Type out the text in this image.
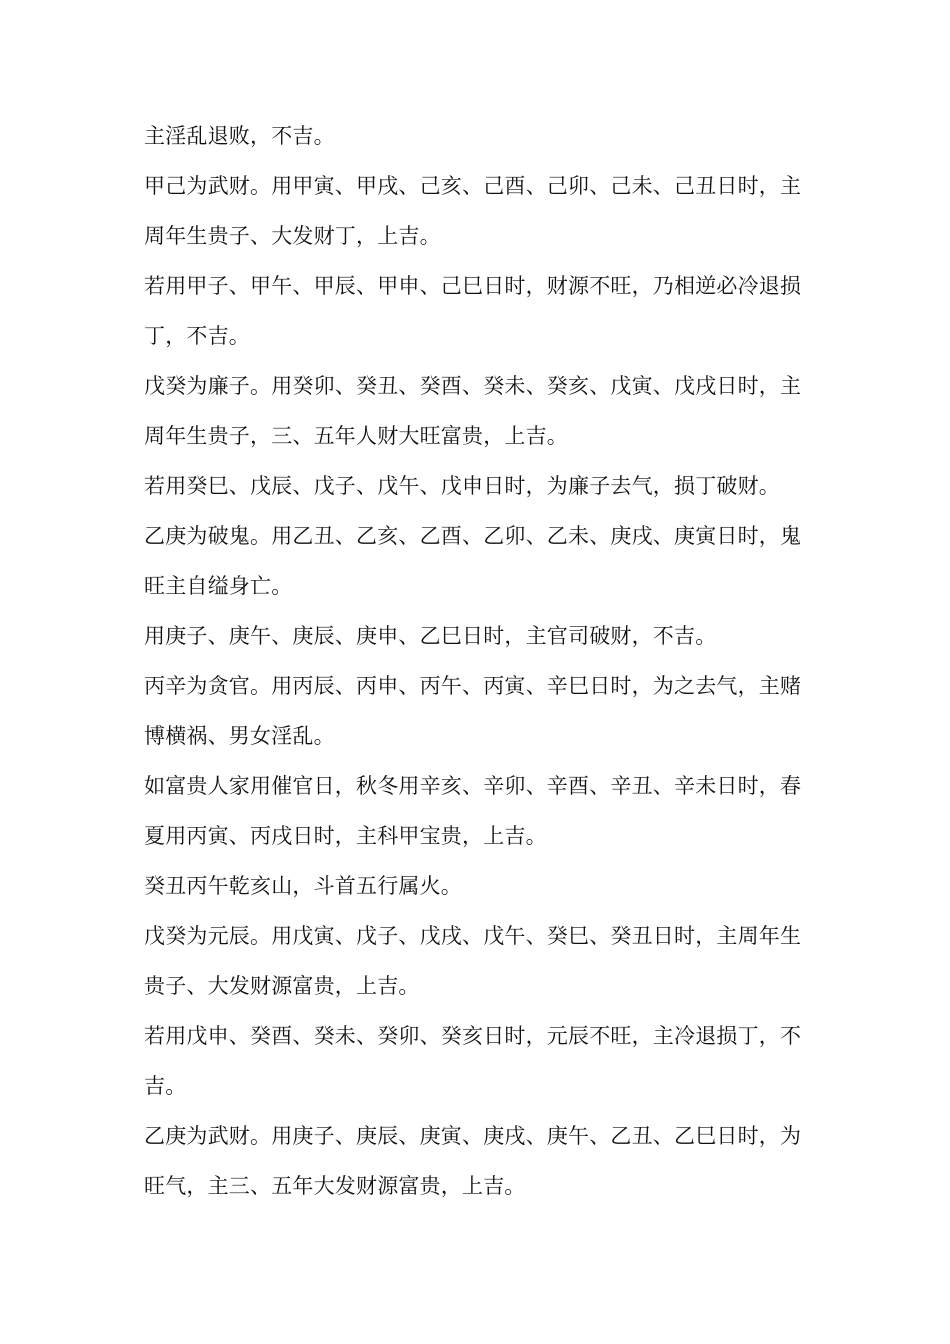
主淫乱退败，不吉。
甲己为武财。用甲寅、甲戌、己亥、己酉、己卯、己未、己丑日时，主
周年生贵子、大发财丁，上吉。
若用甲子、甲午、甲辰、甲申、己巳日时，财源不旺，乃相逆必冷退损
丁，不吉。
戊癸为廉子。用癸卯、癸丑、癸酉、癸未、癸亥、戊寅、戊戌日时，主
周年生贵子，三、五年人财大旺富贵，上吉。
若用癸巳、戊辰、戊子、戊午、戊申日时，为廉子去气，损丁破财。
乙庚为破鬼。用乙丑、乙亥、乙酉、乙卯、乙未、庚戌、庚寅日时，鬼
旺主自缢身亡。
用庚子、庚午、庚辰、庚申、乙巳日时，主官司破财，不吉。
丙辛为贪官。用丙辰、丙申、丙午、丙寅、辛巳日时，为之去气，主赌
博横祸、男女淫乱。
如富贵人家用催官日，秋冬用辛亥、辛卯、辛酉、辛丑、辛未日时，春
夏用丙寅、丙戌日时，主科甲宝贵，上吉。
癸丑丙午乾亥山，斗首五行属火。
戊癸为元辰。用戊寅、戊子、戊戌、戊午、癸巳、癸丑日时，主周年生
贵子、大发财源富贵，上吉。
若用戊申、癸酉、癸未、癸卯、癸亥日时，元辰不旺，主冷退损丁，不
吉。
乙庚为武财。用庚子、庚辰、庚寅、庚戌、庚午、乙丑、乙巳日时，为
旺气，主三、五年大发财源富贵，上吉。
